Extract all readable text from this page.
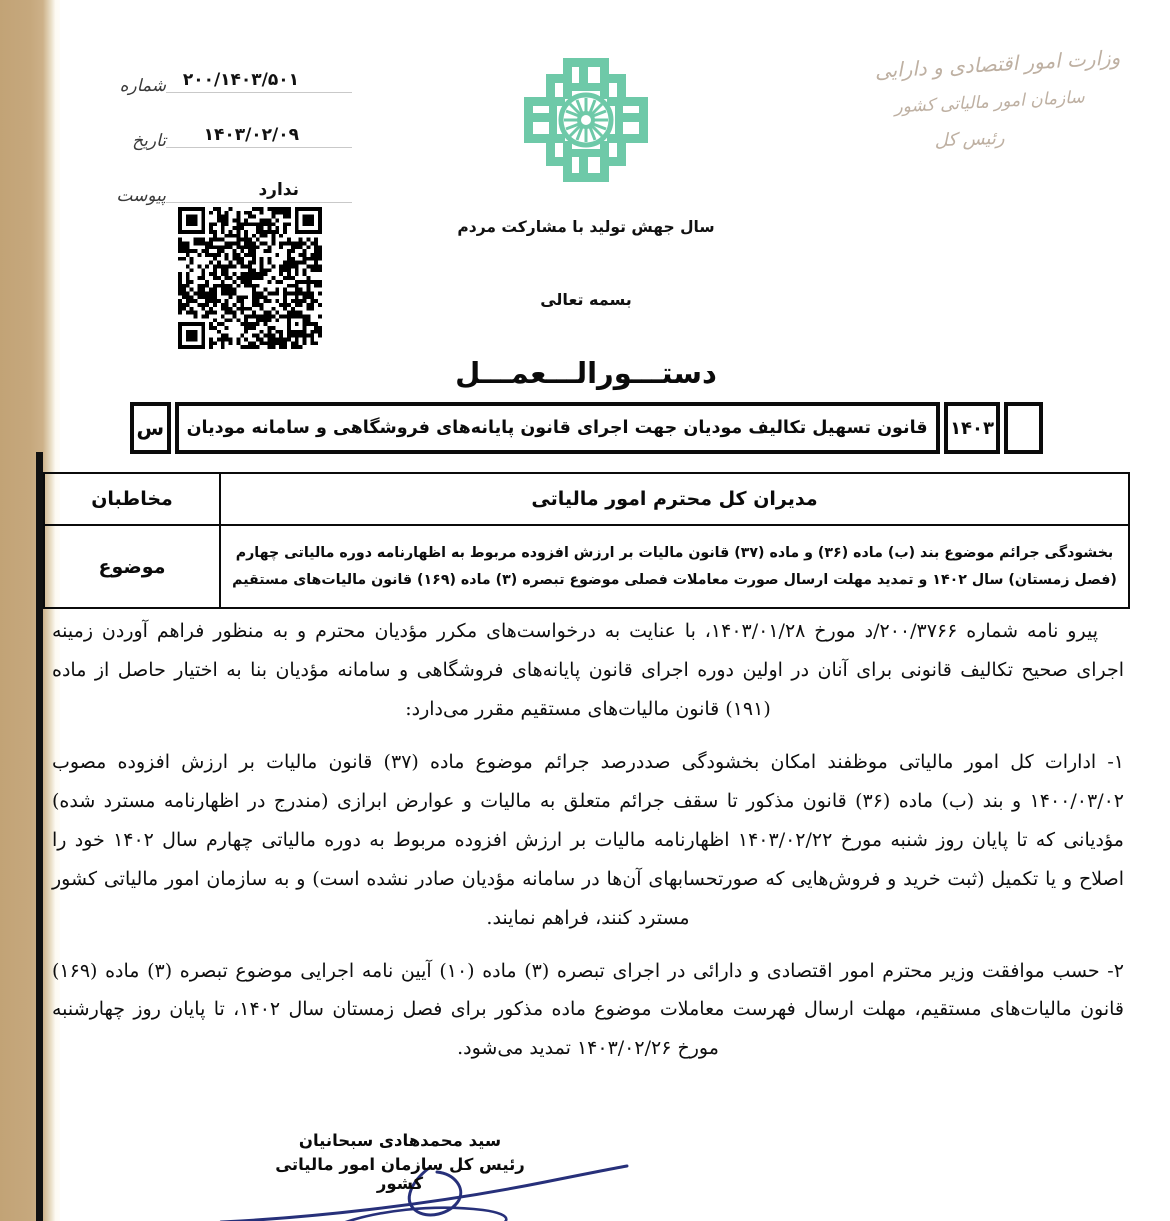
شماره ۲۰۰/۱۴۰۳/۵۰۱
تاریخ ۱۴۰۳/۰۲/۰۹
پیوست	ندارد
سال جهش تولید با مشارکت مردم
وزارت امور اقتصادی و دارایی
سازمان امور مالیاتی کشور
رئیس کل
بسمه تعالی
دستـــورالـــعمـــل
۱۴۰۳
قانون تسهیل تکالیف مودیان جهت اجرای قانون پایانه‌های فروشگاهی و سامانه مودیان
س
مدیران کل محترم امور مالیاتی	مخاطبان

بخشودگی جرائم موضوع بند (ب) ماده (۳۶) و ماده (۳۷) قانون مالیات بر ارزش افزوده مربوط به اظهارنامه دوره مالیاتی چهارم
(فصل زمستان) سال ۱۴۰۲ و تمدید مهلت ارسال صورت معاملات فصلی موضوع تبصره (۳) ماده (۱۶۹) قانون مالیات‌های مستقیم	موضوع

پیرو نامه شماره ۲۰۰/۳۷۶۶/د مورخ ۱۴۰۳/۰۱/۲۸، با عنایت به درخواست‌های مکرر مؤدیان محترم و به منظور فراهم آوردن زمینه اجرای صحیح تکالیف قانونی برای آنان در اولین دوره اجرای قانون پایانه‌های فروشگاهی و سامانه مؤدیان بنا به اختیار حاصل از ماده (۱۹۱) قانون مالیات‌های مستقیم مقرر می‌دارد:

۱- ادارات کل امور مالیاتی موظفند امکان بخشودگی صددرصد جرائم موضوع ماده (۳۷) قانون مالیات بر ارزش افزوده مصوب ۱۴۰۰/۰۳/۰۲ و بند (ب) ماده (۳۶) قانون مذکور تا سقف جرائم متعلق به مالیات و عوارض ابرازی (مندرج در اظهارنامه مسترد شده) مؤدیانی که تا پایان روز شنبه مورخ ۱۴۰۳/۰۲/۲۲ اظهارنامه مالیات بر ارزش افزوده مربوط به دوره مالیاتی چهارم سال ۱۴۰۲ خود را اصلاح و یا تکمیل (ثبت خرید و فروش‌هایی که صورتحسابهای آن‌ها در سامانه مؤدیان صادر نشده است) و به سازمان امور مالیاتی کشور مسترد کنند، فراهم نمایند.

۲- حسب موافقت وزیر محترم امور اقتصادی و دارائی در اجرای تبصره (۳) ماده (۱۰) آیین نامه اجرایی موضوع تبصره (۳) ماده (۱۶۹) قانون مالیات‌های مستقیم، مهلت ارسال فهرست معاملات موضوع ماده مذکور برای فصل زمستان سال ۱۴۰۲، تا پایان روز چهارشنبه مورخ ۱۴۰۳/۰۲/۲۶ تمدید می‌شود.

سید محمدهادی سبحانیان
رئیس کل سازمان امور مالیاتی کشور
